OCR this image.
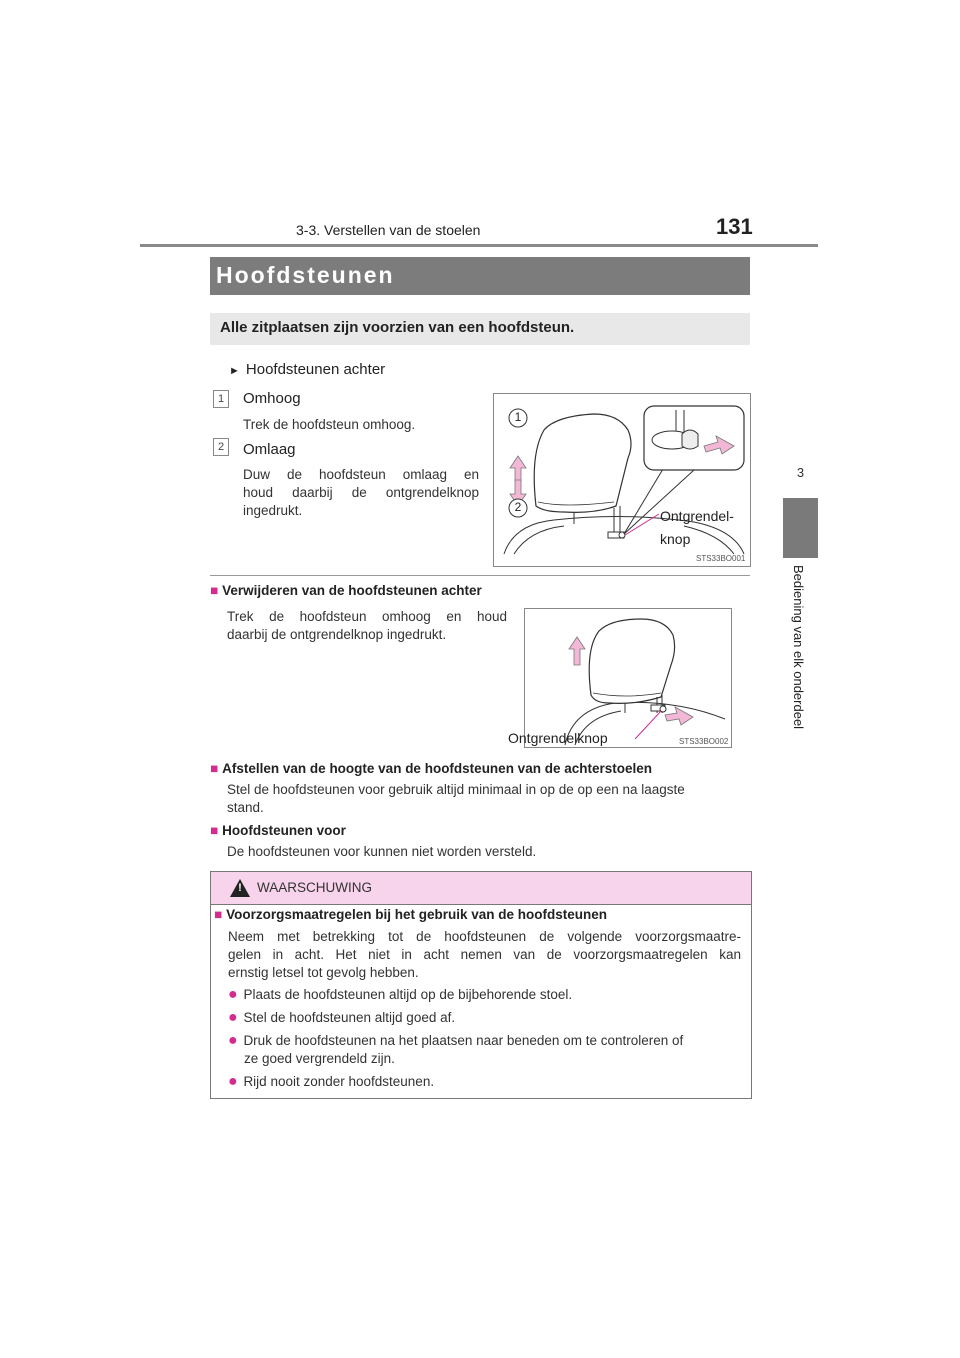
3-3. Verstellen van de stoelen	131
3
Bediening van elk onderdeel
Hoofdsteunen
Alle zitplaatsen zijn voorzien van een hoofdsteun.
► Hoofdsteunen achter
1	Omhoog
Trek de hoofdsteun omhoog.
2	Omlaag
Duw de hoofdsteun omlaag en
houd daarbij de ontgrendelknop
ingedrukt.
1
2
Ontgrendel-
knop
STS33BO001
■ Verwijderen van de hoofdsteunen achter
Trek de hoofdsteun omhoog en houd
daarbij de ontgrendelknop ingedrukt.
Ontgrendelknop	STS33BO002
■ Afstellen van de hoogte van de hoofdsteunen van de achterstoelen
Stel de hoofdsteunen voor gebruik altijd minimaal in op de op een na laagste
stand.
■ Hoofdsteunen voor
De hoofdsteunen voor kunnen niet worden versteld.
!	WAARSCHUWING
■ Voorzorgsmaatregelen bij het gebruik van de hoofdsteunen
Neem met betrekking tot de hoofdsteunen de volgende voorzorgsmaatre-
gelen in acht. Het niet in acht nemen van de voorzorgsmaatregelen kan
ernstig letsel tot gevolg hebben.
● Plaats de hoofdsteunen altijd op de bijbehorende stoel.
● Stel de hoofdsteunen altijd goed af.
● Druk de hoofdsteunen na het plaatsen naar beneden om te controleren of
ze goed vergrendeld zijn.
● Rijd nooit zonder hoofdsteunen.
